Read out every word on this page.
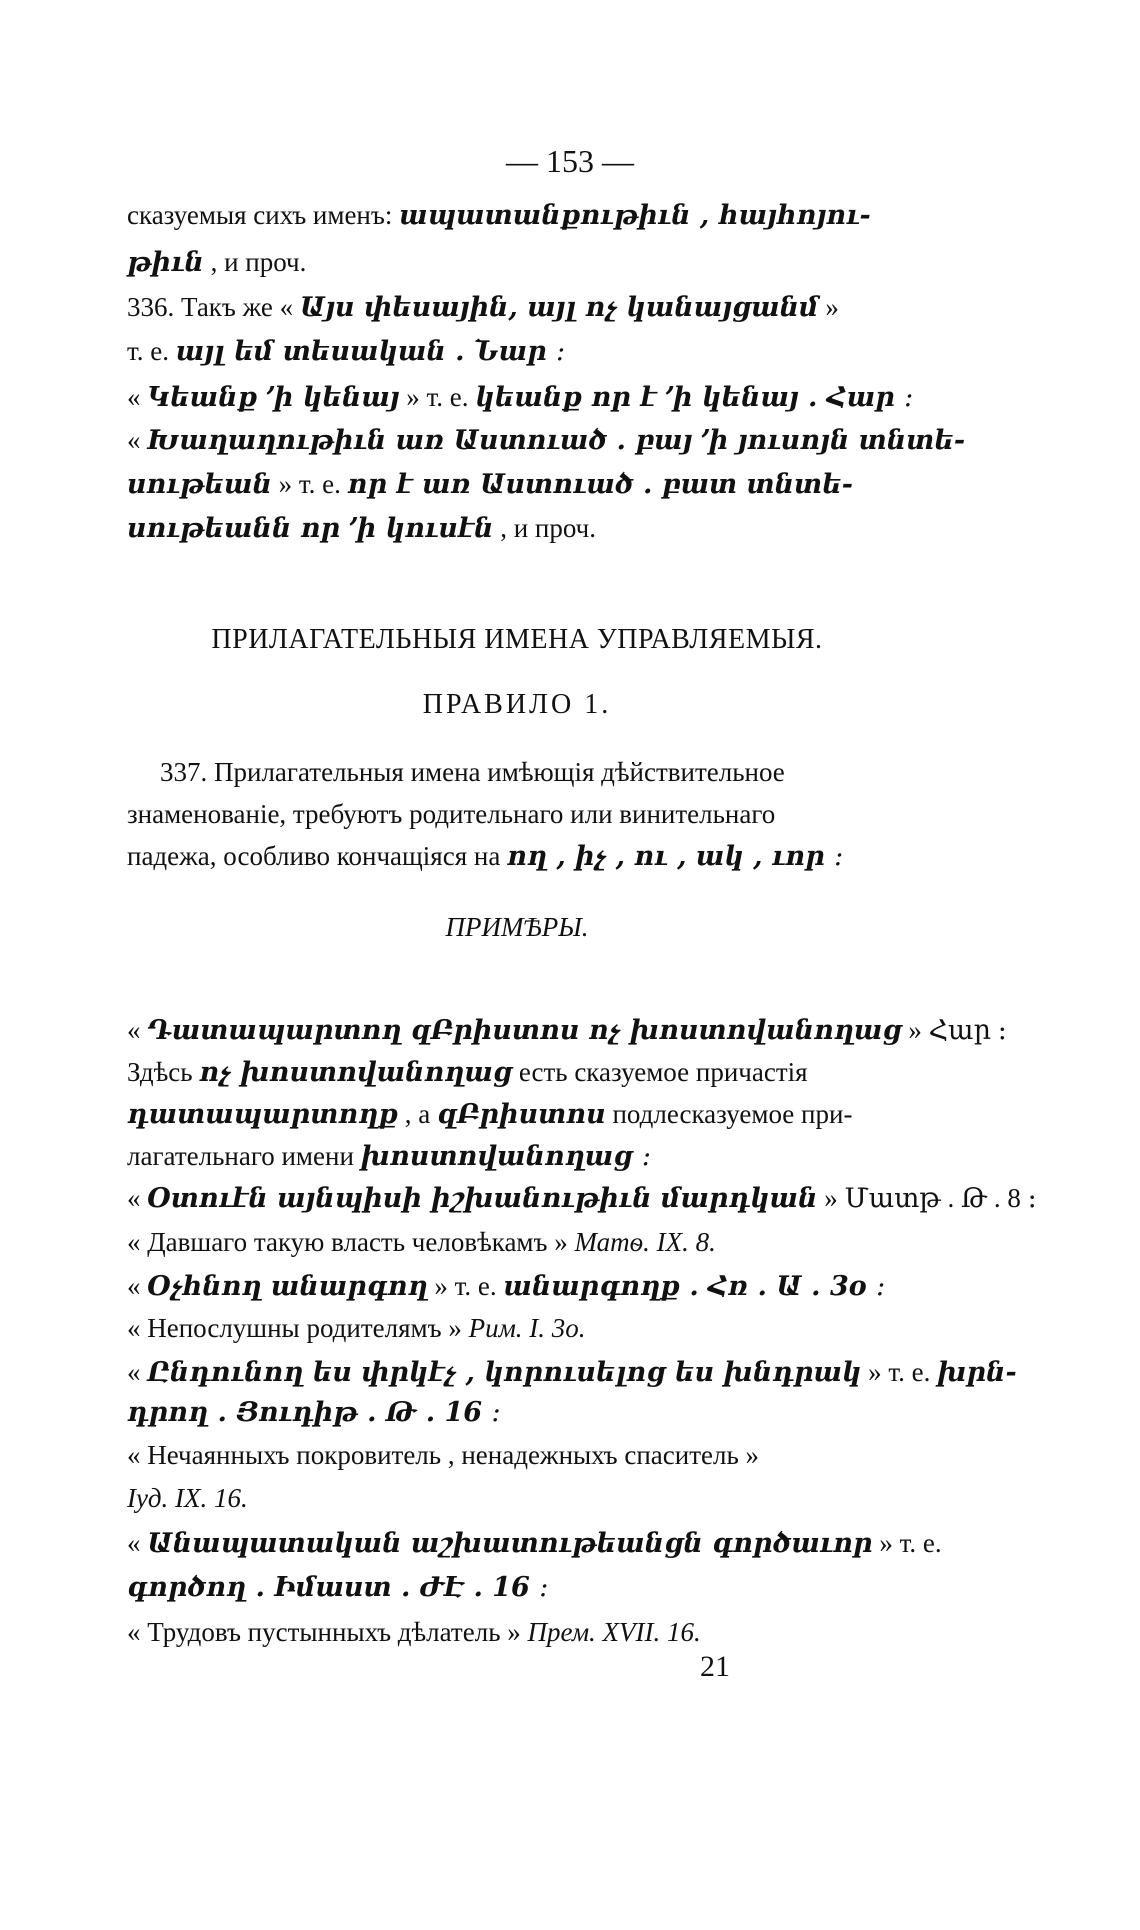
— 153 —
сказуемыя сихъ именъ: ապատանքութիւն , հայհոյու-
թիւն , и проч.
336. Такъ же « Այս փեսային, այլ ոչ կանայցանմ »
т. е. այլ եմ տեսական . Նար ։
« Կեանք ՚ի կենայ » т. е. կեանք որ է ՚ի կենայ . Հար ։
« Խաղաղութիւն առ Աստուած . բայ ՚ի յուսոյն տնտե-
սութեան » т. е. որ է առ Աստուած . բատ տնտե-
սութեանն որ ՚ի կուսէն , и проч.
ПРИЛАГАТЕЛЬНЫЯ ИМЕНА УПРАВЛЯЕМЫЯ.
ПРАВИЛО 1.
337. Прилагательныя имена имѣющія дѣйствительное
знаменованіе, требуютъ родительнаго или винительнаго
падежа, особливо кончащіяся на ող , իչ , ու , ակ , ւոր ։
ПРИМѢРЫ.
« Դատապարտող զԲրիստոս ոչ խոստովանողաց » Հար ։
Здѣсь ոչ խոստովանողաց есть сказуемое причастія
դատապարտողք , а զԲրիստոս подлесказуемое при-
лагательнаго имени խոստովանողաց ։
« Օտուէն այնպիսի իշխանութիւն մարդկան » Մատթ . Թ . 8 ։
« Давшаго такую власть человѣкамъ » Матѳ. IX. 8.
« Օչհնող անարգող » т. е. անարգողք . Հռ . Ա . 3о ։
« Непослушны родителямъ » Рим. I. 3о.
« Ընդունող ես փրկէչ , կորուսելոց ես խնդրակ » т. е. խրն-
դրող . Յուդիթ . Թ . 16 ։
« Нечаянныхъ покровитель , ненадежныхъ спаситель »
Іуд. IX. 16.
« Անապատական աշխատութեանցն գործաւոր » т. е.
գործող . Իմաստ . ԺԷ . 16 ։
« Трудовъ пустынныхъ дѣлатель » Прем. XVII. 16.
21
